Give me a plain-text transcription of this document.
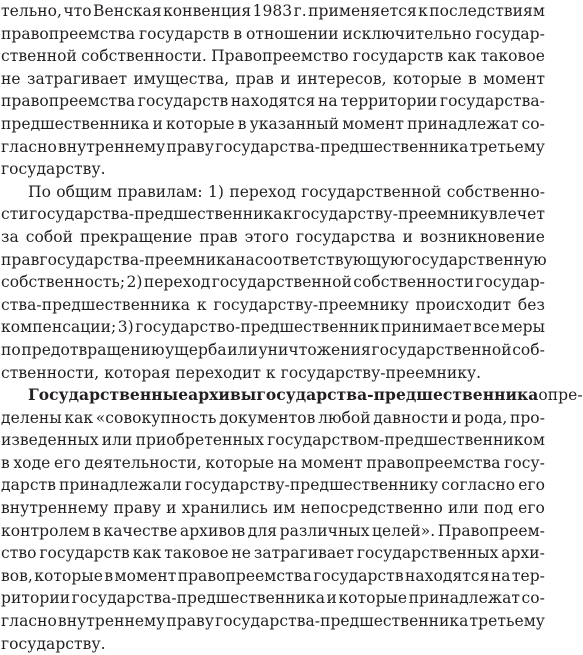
тельно, что Венская конвенция 1983 г. применяется к последствиям
правопреемства государств в отношении исключительно государ-
ственной собственности. Правопреемство государств как таковое
не затрагивает имущества, прав и интересов, которые в момент
правопреемства государств находятся на территории государства-
предшественника и которые в указанный момент принадлежат со-
гласно внутреннему праву государства-предшественника третьему
государству.
По общим правилам: 1) переход государственной собственно-
сти государства-предшественника к государству-преемнику влечет
за собой прекращение прав этого государства и возникновение
прав государства-преемника на соответствующую государственную
собственность; 2) переход государственной собственности государ-
ства-предшественника к государству-преемнику происходит без
компенсации; 3) государство-предшественник принимает все меры
по предотвращению ущерба или уничтожения государственной соб-
ственности, которая переходит к государству-преемнику.
Государственные архивы государства-предшественника опре-
делены как «совокупность документов любой давности и рода, про-
изведенных или приобретенных государством-предшественником
в ходе его деятельности, которые на момент правопреемства госу-
дарств принадлежали государству-предшественнику согласно его
внутреннему праву и хранились им непосредственно или под его
контролем в качестве архивов для различных целей». Правопреем-
ство государств как таковое не затрагивает государственных архи-
вов, которые в момент правопреемства государств находятся на тер-
ритории государства-предшественника и которые принадлежат со-
гласно внутреннему праву государства-предшественника третьему
государству.
